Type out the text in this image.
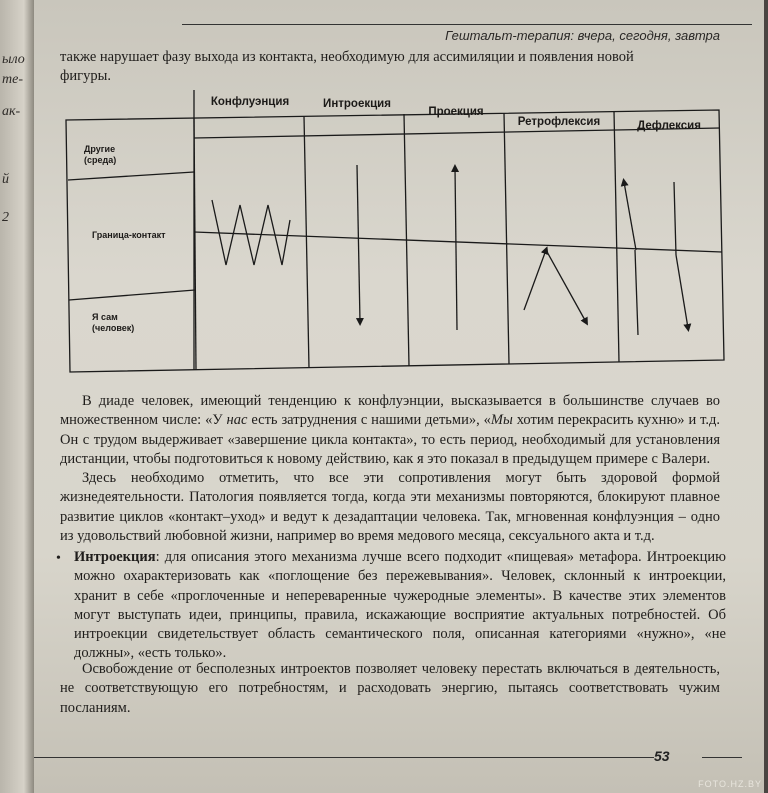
ыло
тe-
ак-
й
2
Гештальт-терапия: вчера, сегодня, завтра
также нарушает фазу выхода из контакта, необходимую для ассимиляции и появления новой
фигуры.
Конфлуэнция	Интроекция
Проекция
Ретрофлексия	Дефлексия
Другие
(среда)
Граница-контакт
Я сам
(человек)

В диаде человек, имеющий тенденцию к конфлуэнции, высказывается в большинстве случаев во множественном числе: «У нас есть затруднения с нашими детьми», «Мы хотим перекрасить кухню» и т.д. Он с трудом выдерживает «завершение цикла контакта», то есть период, необходимый для установления дистанции, чтобы подготовиться к новому действию, как я это показал в предыдущем примере с Валери.

Здесь необходимо отметить, что все эти сопротивления могут быть здоровой формой жизнедеятельности. Патология появляется тогда, когда эти механизмы повторяются, блокируют плавное развитие циклов «контакт–уход» и ведут к дезадаптации человека. Так, мгновенная конфлуэнция – одно из удовольствий любовной жизни, например во время медового месяца, сексуального акта и т.д.

• Интроекция: для описания этого механизма лучше всего подходит «пищевая» метафора. Интроекцию можно охарактеризовать как «поглощение без пережевывания». Человек, склонный к интроекции, хранит в себе «проглоченные и непереваренные чужеродные элементы». В качестве этих элементов могут выступать идеи, принципы, правила, искажающие восприятие актуальных потребностей. Об интроекции свидетельствует область семантического поля, описанная категориями «нужно», «не должны», «есть только».

Освобождение от бесполезных интроектов позволяет человеку перестать включаться в деятельность, не соответствующую его потребностям, и расходовать энергию, пытаясь соответствовать чужим посланиям.

53
FOTO.HZ.BY
